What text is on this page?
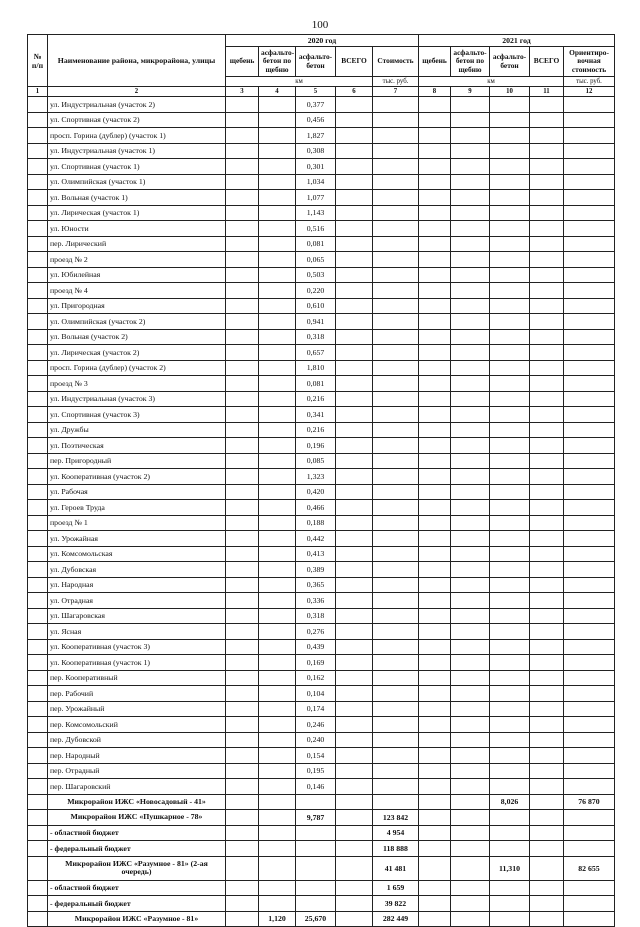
100
№ п/п	Наименование района, микрорайона, улицы	2020 год					2021 год				
		щебень	асфальто-бетон по щебню	асфальто-бетон	ВСЕГО	Стоимость	щебень	асфальто-бетон по щебню	асфальто-бетон	ВСЕГО	Ориентиро-вочная стоимость
		км				тыс. руб.	км				тыс. руб.
1	2	3	4	5	6	7	8	9	10	11	12
	ул. Индустриальная (участок 2)			0,377							
	ул. Спортивная (участок 2)			0,456							
	просп. Горина (дублер) (участок 1)			1,827							
	ул. Индустриальная (участок 1)			0,308							
	ул. Спортивная (участок 1)			0,301							
	ул. Олимпийская (участок 1)			1,034							
	ул. Вольная (участок 1)			1,077							
	ул. Лирическая (участок 1)			1,143							
	ул. Юности			0,516							
	пер. Лирический			0,081							
	проезд № 2			0,065							
	ул. Юбилейная			0,503							
	проезд № 4			0,220							
	ул. Пригородная			0,610							
	ул. Олимпийская (участок 2)			0,941							
	ул. Вольная (участок 2)			0,318							
	ул. Лирическая (участок 2)			0,657							
	просп. Горина (дублер) (участок 2)			1,810							
	проезд № 3			0,081							
	ул. Индустриальная (участок 3)			0,216							
	ул. Спортивная (участок 3)			0,341							
	ул. Дружбы			0,216							
	ул. Поэтическая			0,196							
	пер. Пригородный			0,085							
	ул. Кооперативная (участок 2)			1,323							
	ул. Рабочая			0,420							
	ул. Героев Труда			0,466							
	проезд № 1			0,188							
	ул. Урожайная			0,442							
	ул. Комсомольская			0,413							
	ул. Дубовская			0,389							
	ул. Народная			0,365							
	ул. Отрадная			0,336							
	ул. Шагаровская			0,318							
	ул. Ясная			0,276							
	ул. Кооперативная (участок 3)			0,439							
	ул. Кооперативная (участок 1)			0,169							
	пер. Кооперативный			0,162							
	пер. Рабочий			0,104							
	пер. Урожайный			0,174							
	пер. Комсомольский			0,246							
	пер. Дубовской			0,240							
	пер. Народный			0,154							
	пер. Отрадный			0,195							
	пер. Шагаровский			0,146							
	Микрорайон ИЖС «Новосадовый - 41»								8,026		76 870
	Микрорайон ИЖС «Пушкарное - 78»			9,787		123 842					
	- областной бюджет					4 954					
	- федеральный бюджет					118 888					
	Микрорайон ИЖС «Разумное - 81» (2-ая очередь)					41 481			11,310		82 655
	- областной бюджет					1 659					
	- федеральный бюджет					39 822					
	Микрорайон ИЖС «Разумное - 81»		1,120	25,670		282 449					
